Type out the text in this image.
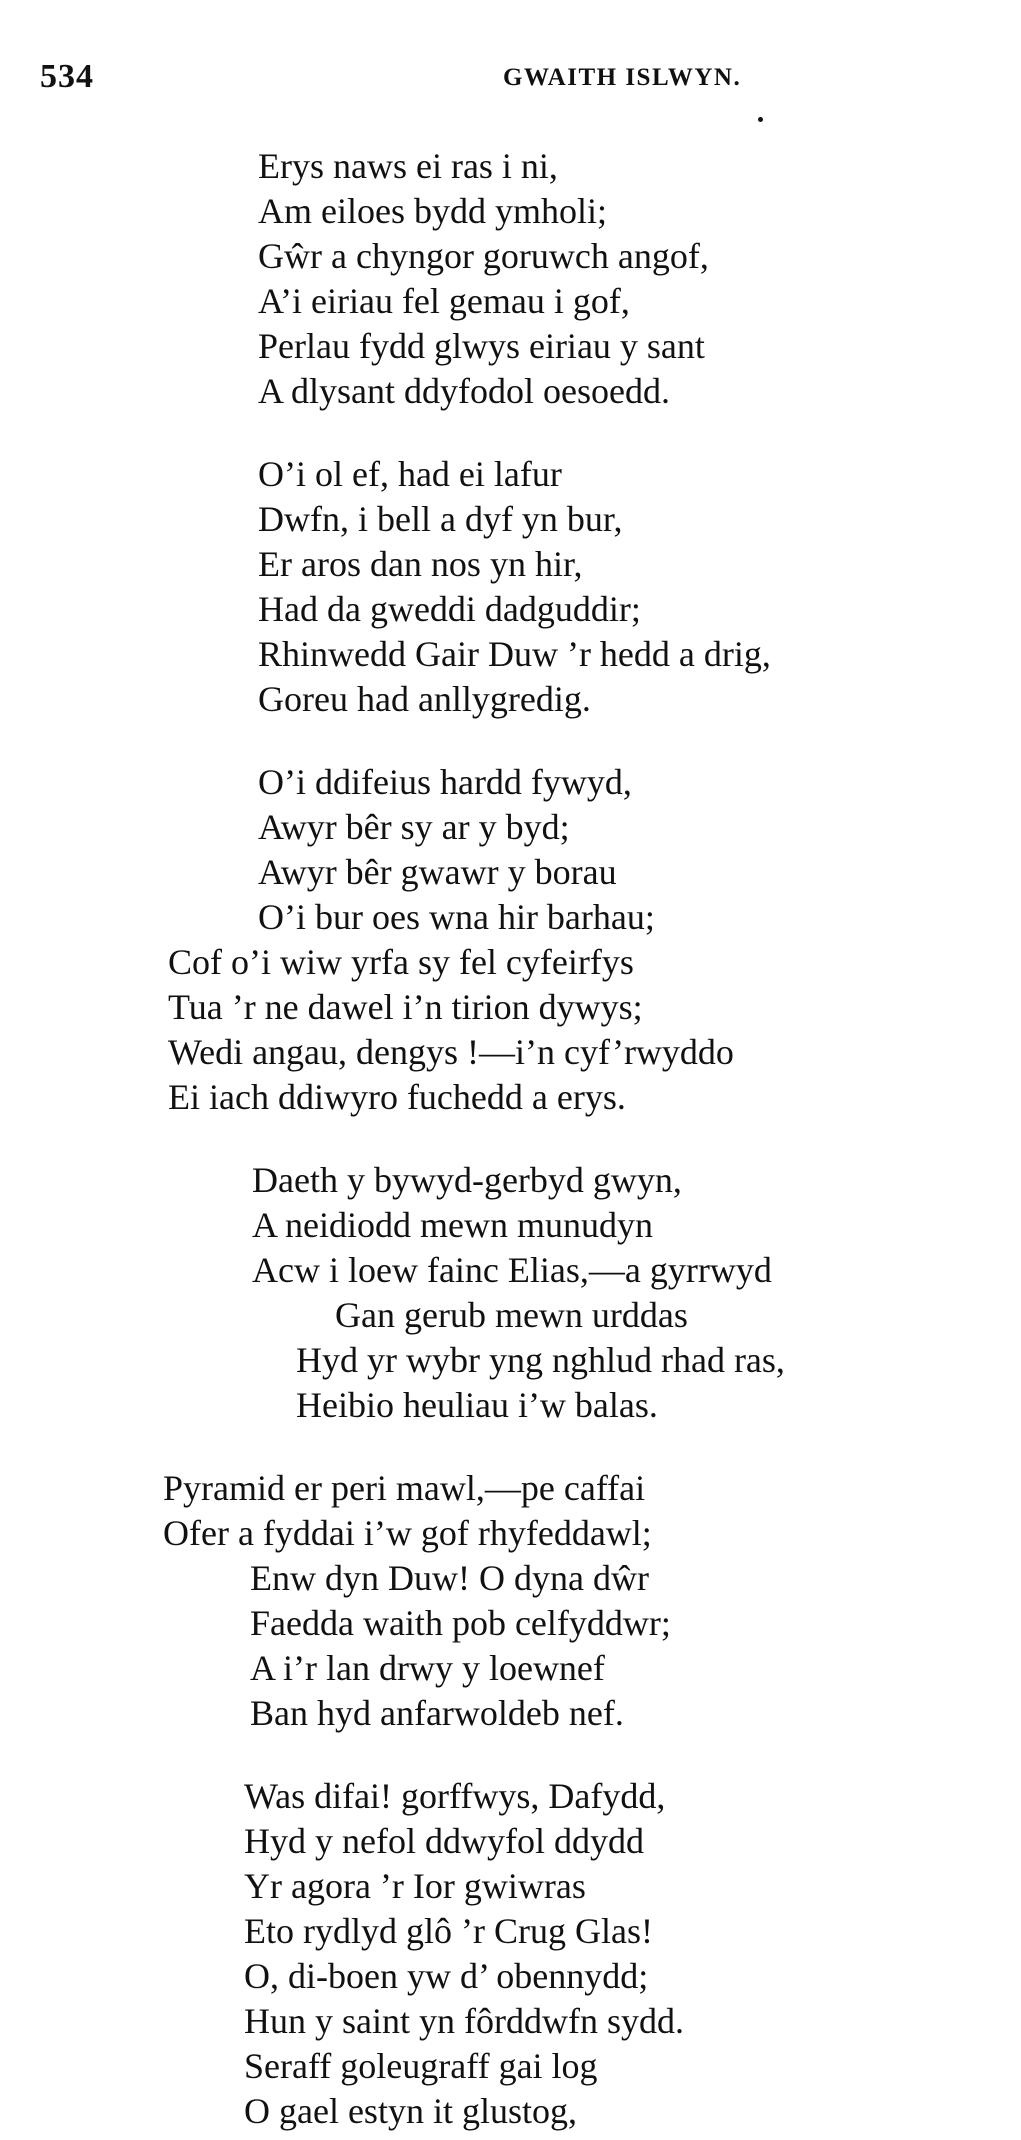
534	GWAITH ISLWYN.
Erys naws ei ras i ni,
Am eiloes bydd ymholi;
Gŵr a chyngor goruwch angof,
A’i eiriau fel gemau i gof,
Perlau fydd glwys eiriau y sant
A dlysant ddyfodol oesoedd.
O’i ol ef, had ei lafur
Dwfn, i bell a dyf yn bur,
Er aros dan nos yn hir,
Had da gweddi dadguddir;
Rhinwedd Gair Duw ’r hedd a drig,
Goreu had anllygredig.
O’i ddifeius hardd fywyd,
Awyr bêr sy ar y byd;
Awyr bêr gwawr y borau
O’i bur oes wna hir barhau;
Cof o’i wiw yrfa sy fel cyfeirfys
Tua ’r ne dawel i’n tirion dywys;
Wedi angau, dengys !—i’n cyf’rwyddo
Ei iach ddiwyro fuchedd a erys.
Daeth y bywyd-gerbyd gwyn,
A neidiodd mewn munudyn
Acw i loew fainc Elias,—a gyrrwyd
Gan gerub mewn urddas
Hyd yr wybr yng nghlud rhad ras,
Heibio heuliau i’w balas.
Pyramid er peri mawl,—pe caffai
Ofer a fyddai i’w gof rhyfeddawl;
Enw dyn Duw! O dyna dŵr
Faedda waith pob celfyddwr;
A i’r lan drwy y loewnef
Ban hyd anfarwoldeb nef.
Was difai! gorffwys, Dafydd,
Hyd y nefol ddwyfol ddydd
Yr agora ’r Ior gwiwras
Eto rydlyd glô ’r Crug Glas!
O, di-boen yw d’ obennydd;
Hun y saint yn fôrddwfn sydd.
Seraff goleugraff gai log
O gael estyn it glustog,
